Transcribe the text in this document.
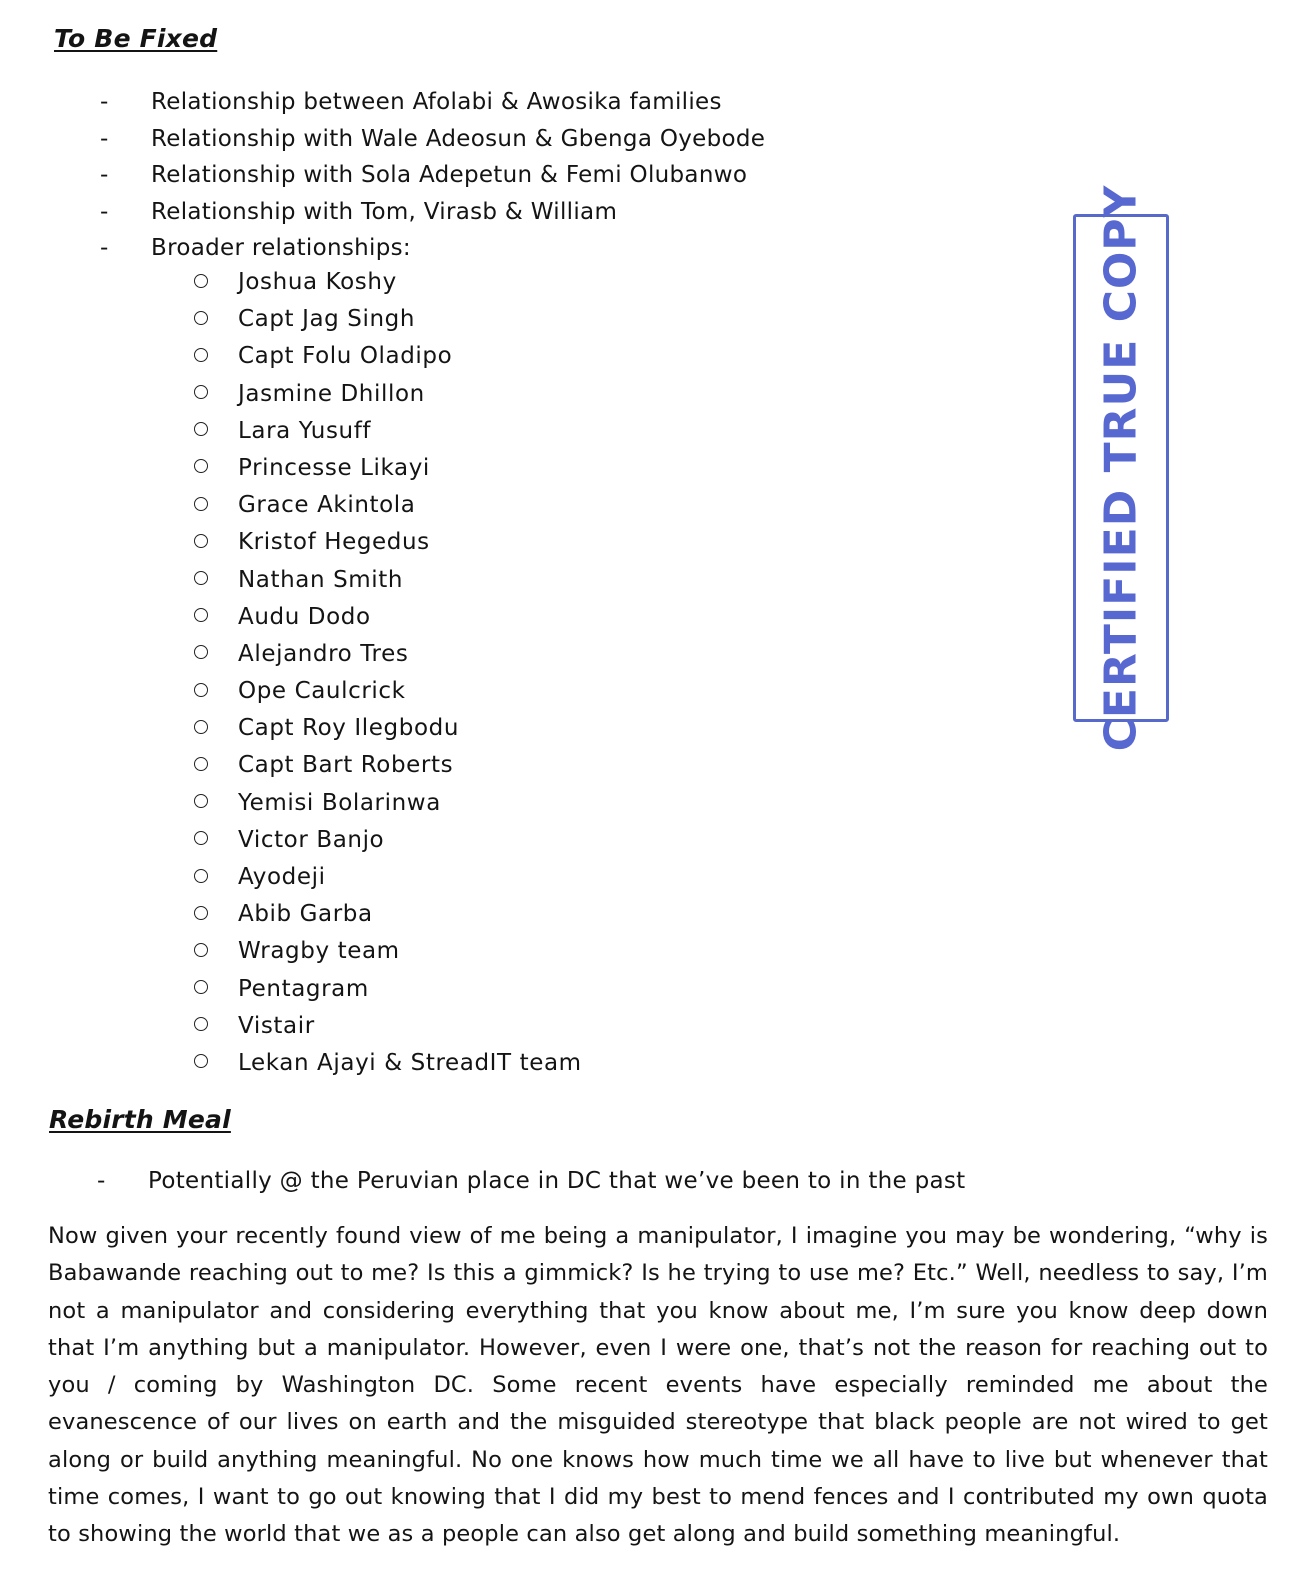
To Be Fixed
- Relationship between Afolabi & Awosika families
- Relationship with Wale Adeosun & Gbenga Oyebode
- Relationship with Sola Adepetun & Femi Olubanwo
- Relationship with Tom, Virasb & William
- Broader relationships:
Joshua Koshy
Capt Jag Singh
Capt Folu Oladipo
Jasmine Dhillon
Lara Yusuff
Princesse Likayi
Grace Akintola
Kristof Hegedus
Nathan Smith
Audu Dodo
Alejandro Tres
Ope Caulcrick
Capt Roy Ilegbodu
Capt Bart Roberts
Yemisi Bolarinwa
Victor Banjo
Ayodeji
Abib Garba
Wragby team
Pentagram
Vistair
Lekan Ajayi & StreadIT team
Rebirth Meal
- Potentially @ the Peruvian place in DC that we’ve been to in the past

Now given your recently found view of me being a manipulator, I imagine you may be wondering, “why is Babawande reaching out to me? Is this a gimmick? Is he trying to use me? Etc.” Well, needless to say, I’m not a manipulator and considering everything that you know about me, I’m sure you know deep down that I’m anything but a manipulator. However, even I were one, that’s not the reason for reaching out to you / coming by Washington DC. Some recent events have especially reminded me about the evanescence of our lives on earth and the misguided stereotype that black people are not wired to get along or build anything meaningful. No one knows how much time we all have to live but whenever that time comes, I want to go out knowing that I did my best to mend fences and I contributed my own quota to showing the world that we as a people can also get along and build something meaningful.

CERTIFIED TRUE COPY
